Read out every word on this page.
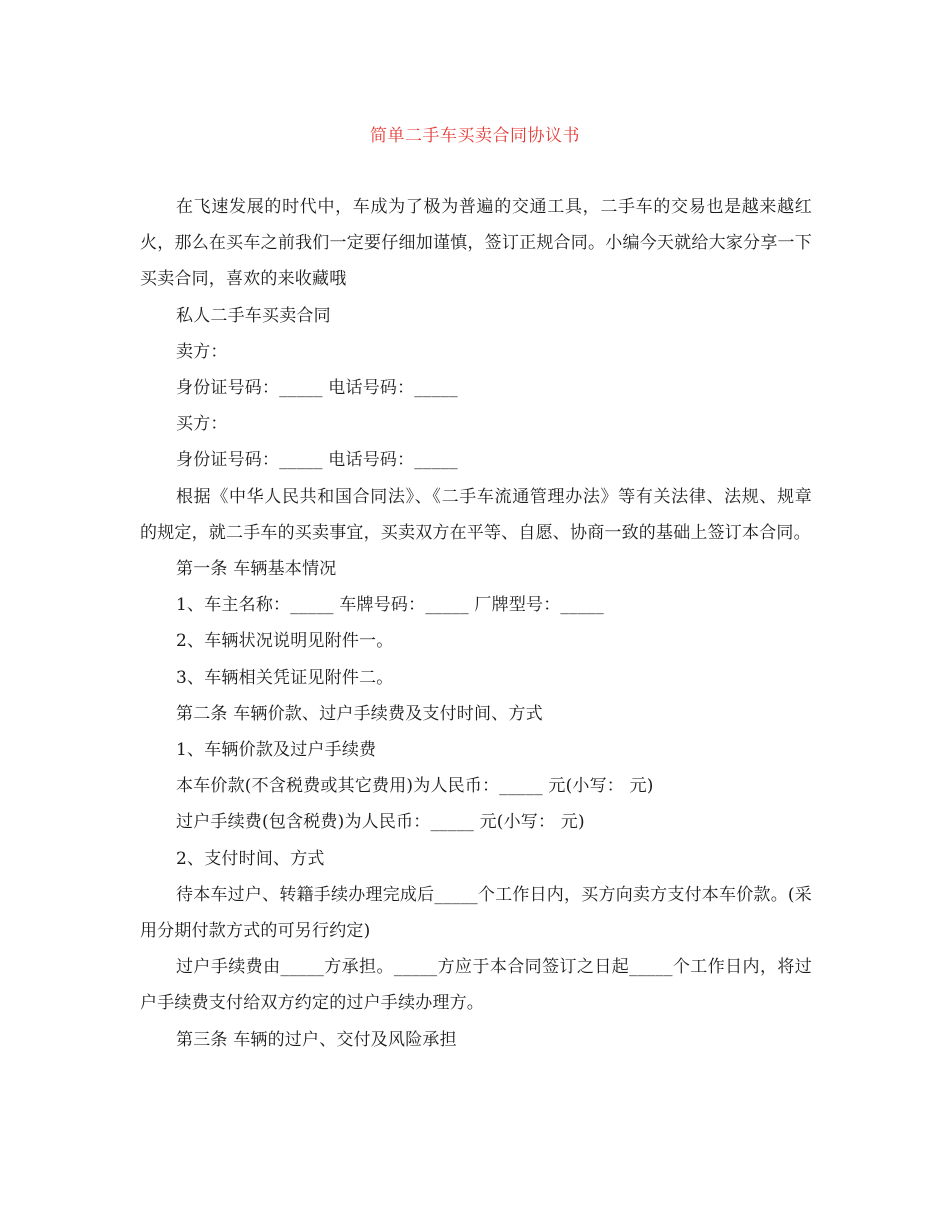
简单二手车买卖合同协议书

在飞速发展的时代中，车成为了极为普遍的交通工具，二手车的交易也是越来越红火，那么在买车之前我们一定要仔细加谨慎，签订正规合同。小编今天就给大家分享一下买卖合同，喜欢的来收藏哦

私人二手车买卖合同

卖方：

身份证号码：_____ 电话号码：_____

买方：

身份证号码：_____ 电话号码：_____

根据《中华人民共和国合同法》、《二手车流通管理办法》等有关法律、法规、规章的规定，就二手车的买卖事宜，买卖双方在平等、自愿、协商一致的基础上签订本合同。

第一条 车辆基本情况

1、车主名称：_____ 车牌号码：_____ 厂牌型号：_____

2、车辆状况说明见附件一。

3、车辆相关凭证见附件二。

第二条 车辆价款、过户手续费及支付时间、方式

1、车辆价款及过户手续费

本车价款(不含税费或其它费用)为人民币：_____ 元(小写： 元)

过户手续费(包含税费)为人民币：_____ 元(小写： 元)

2、支付时间、方式

待本车过户、转籍手续办理完成后_____个工作日内，买方向卖方支付本车价款。(采用分期付款方式的可另行约定)

过户手续费由_____方承担。_____方应于本合同签订之日起_____个工作日内，将过户手续费支付给双方约定的过户手续办理方。

第三条 车辆的过户、交付及风险承担
